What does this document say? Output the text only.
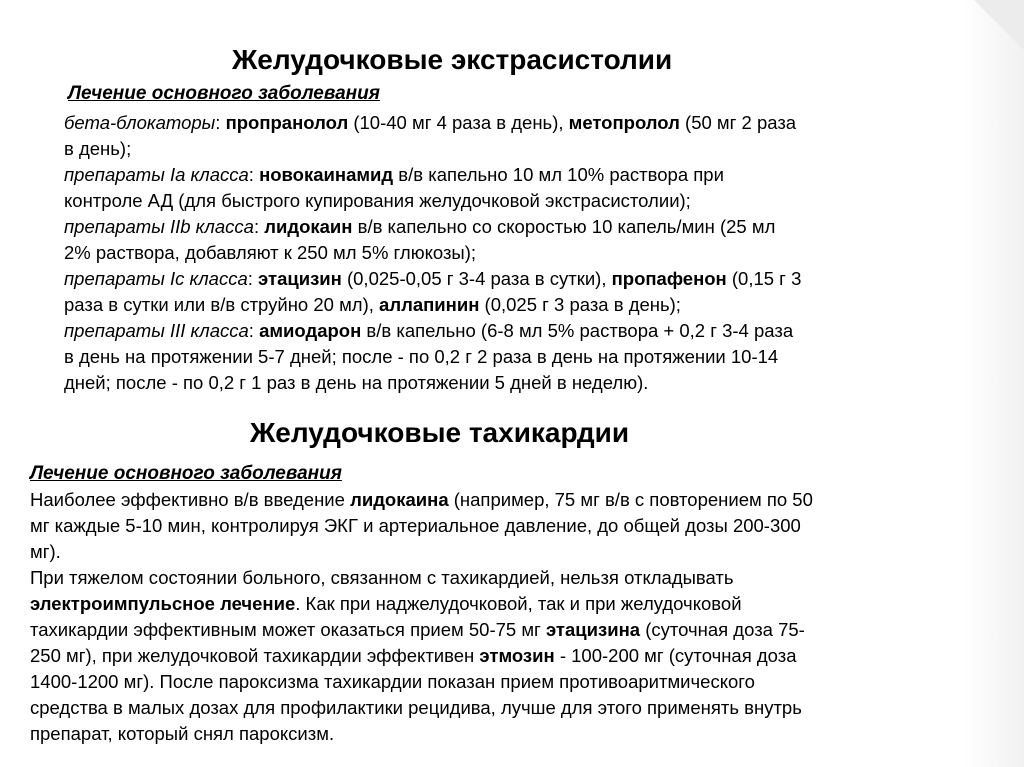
Желудочковые экстрасистолии
Лечение основного заболевания
бета-блокаторы: пропранолол (10-40 мг 4 раза в день), метопролол (50 мг 2 раза
в день);
препараты Ia класса: новокаинамид в/в капельно 10 мл 10% раствора при
контроле АД (для быстрого купирования желудочковой экстрасистолии);
препараты IIb класса: лидокаин в/в капельно со скоростью 10 капель/мин (25 мл
2% раствора, добавляют к 250 мл 5% глюкозы);
препараты Ic класса: этацизин (0,025-0,05 г 3-4 раза в сутки), пропафенон (0,15 г 3
раза в сутки или в/в струйно 20 мл), аллапинин (0,025 г 3 раза в день);
препараты III класса: амиодарон в/в капельно (6-8 мл 5% раствора + 0,2 г 3-4 раза
в день на протяжении 5-7 дней; после - по 0,2 г 2 раза в день на протяжении 10-14
дней; после - по 0,2 г 1 раз в день на протяжении 5 дней в неделю).
Желудочковые тахикардии
Лечение основного заболевания
Наиболее эффективно в/в введение лидокаина (например, 75 мг в/в с повторением по 50
мг каждые 5-10 мин, контролируя ЭКГ и артериальное давление, до общей дозы 200-300
мг).
При тяжелом состоянии больного, связанном с тахикардией, нельзя откладывать
электроимпульсное лечение. Как при наджелудочковой, так и при желудочковой
тахикардии эффективным может оказаться прием 50-75 мг этацизина (суточная доза 75-
250 мг), при желудочковой тахикардии эффективен этмозин - 100-200 мг (суточная доза
1400-1200 мг). После пароксизма тахикардии показан прием противоаритмического
средства в малых дозах для профилактики рецидива, лучше для этого применять внутрь
препарат, который снял пароксизм.
